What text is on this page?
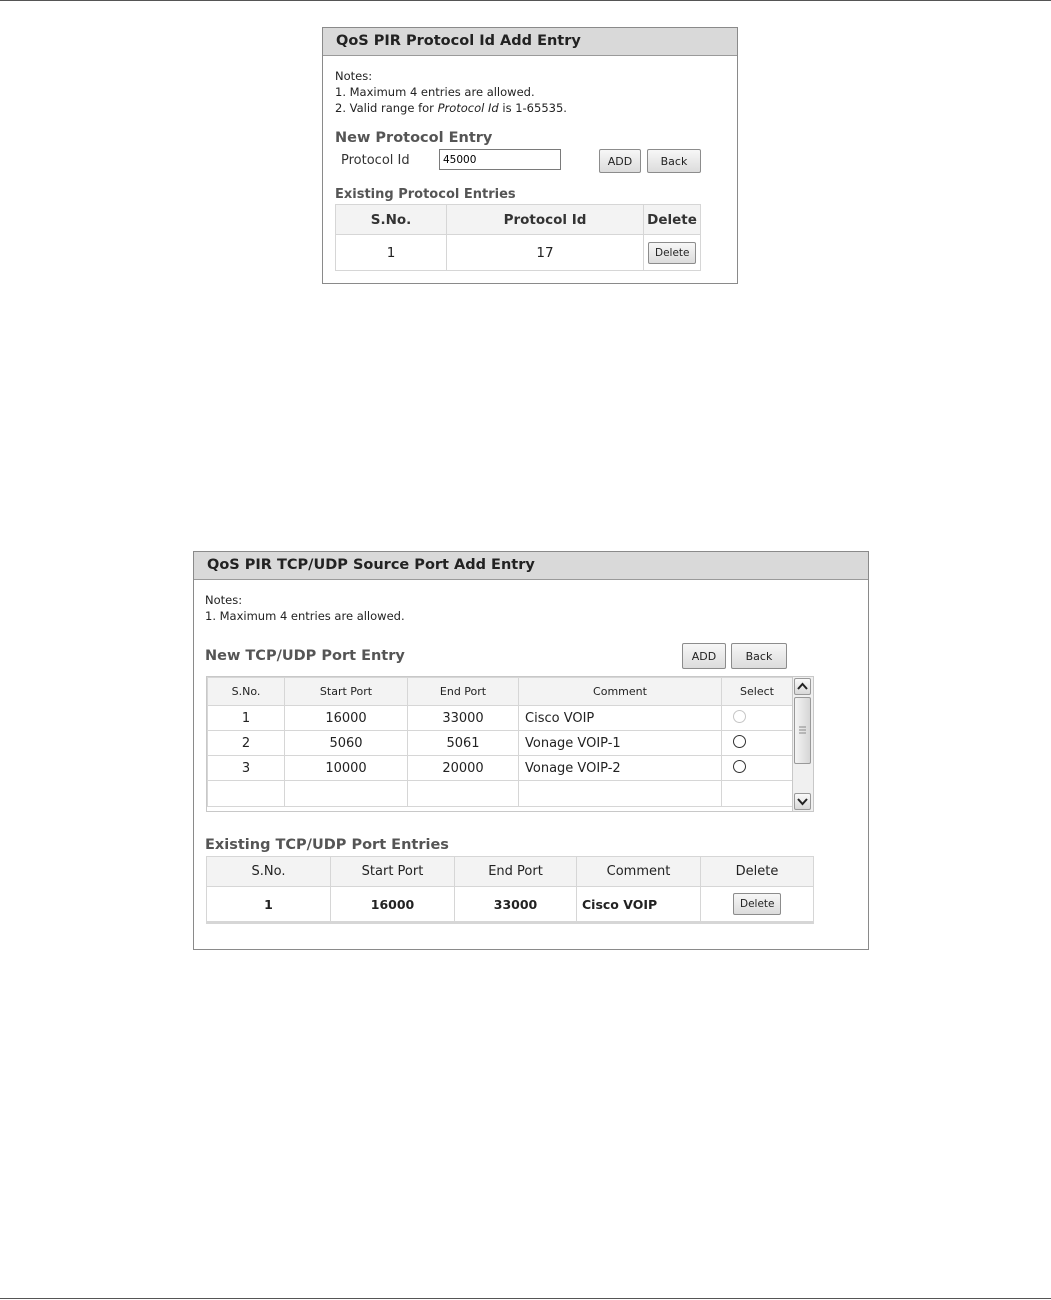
QoS PIR Protocol Id Add Entry
Notes:
1. Maximum 4 entries are allowed.
2. Valid range for Protocol Id is 1-65535.
New Protocol Entry
Protocol Id
45000	ADD	Back
Existing Protocol Entries
S.No.	Protocol Id	Delete
1	17	Delete
QoS PIR TCP/UDP Source Port Add Entry
Notes:
1. Maximum 4 entries are allowed.
New TCP/UDP Port Entry	ADD	Back
S.No.	Start Port	End Port	Comment	Select
1	16000	33000	Cisco VOIP	
2	5060	5061	Vonage VOIP-1	
3	10000	20000	Vonage VOIP-2	

Existing TCP/UDP Port Entries
S.No.	Start Port	End Port	Comment	Delete
1	16000	33000	Cisco VOIP	Delete
